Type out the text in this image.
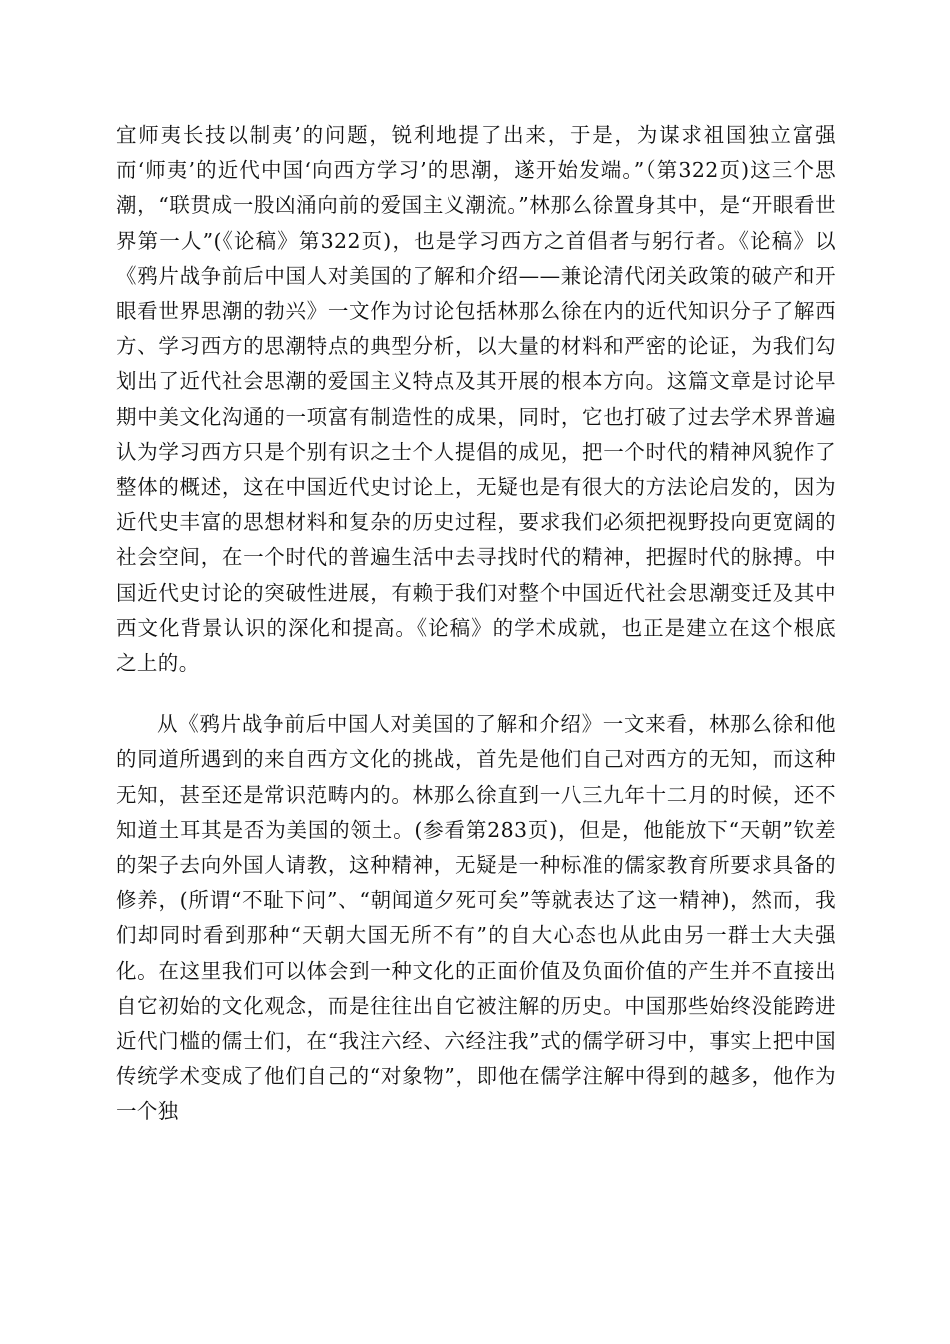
宜师夷长技以制夷’的问题，锐利地提了出来，于是，为谋求祖国独立富强而‘师夷’的近代中国‘向西方学习’的思潮，遂开始发端。”（第322页)这三个思潮，“联贯成一股凶涌向前的爱国主义潮流。”林那么徐置身其中，是“开眼看世界第一人”(《论稿》第322页)，也是学习西方之首倡者与躬行者。《论稿》以《鸦片战争前后中国人对美国的了解和介绍——兼论清代闭关政策的破产和开眼看世界思潮的勃兴》一文作为讨论包括林那么徐在内的近代知识分子了解西方、学习西方的思潮特点的典型分析，以大量的材料和严密的论证，为我们勾划出了近代社会思潮的爱国主义特点及其开展的根本方向。这篇文章是讨论早期中美文化沟通的一项富有制造性的成果，同时，它也打破了过去学术界普遍认为学习西方只是个别有识之士个人提倡的成见，把一个时代的精神风貌作了整体的概述，这在中国近代史讨论上，无疑也是有很大的方法论启发的，因为近代史丰富的思想材料和复杂的历史过程，要求我们必须把视野投向更宽阔的社会空间，在一个时代的普遍生活中去寻找时代的精神，把握时代的脉搏。中国近代史讨论的突破性进展，有赖于我们对整个中国近代社会思潮变迁及其中西文化背景认识的深化和提高。《论稿》的学术成就，也正是建立在这个根底之上的。

从《鸦片战争前后中国人对美国的了解和介绍》一文来看，林那么徐和他的同道所遇到的来自西方文化的挑战，首先是他们自己对西方的无知，而这种无知，甚至还是常识范畴内的。林那么徐直到一八三九年十二月的时候，还不知道土耳其是否为美国的领土。(参看第283页)，但是，他能放下“天朝”钦差的架子去向外国人请教，这种精神，无疑是一种标准的儒家教育所要求具备的修养，(所谓“不耻下问”、“朝闻道夕死可矣”等就表达了这一精神)，然而，我们却同时看到那种“天朝大国无所不有”的自大心态也从此由另一群士大夫强化。在这里我们可以体会到一种文化的正面价值及负面价值的产生并不直接出自它初始的文化观念，而是往往出自它被注解的历史。中国那些始终没能跨进近代门槛的儒士们，在“我注六经、六经注我”式的儒学研习中，事实上把中国传统学术变成了他们自己的“对象物”，即他在儒学注解中得到的越多，他作为一个独
